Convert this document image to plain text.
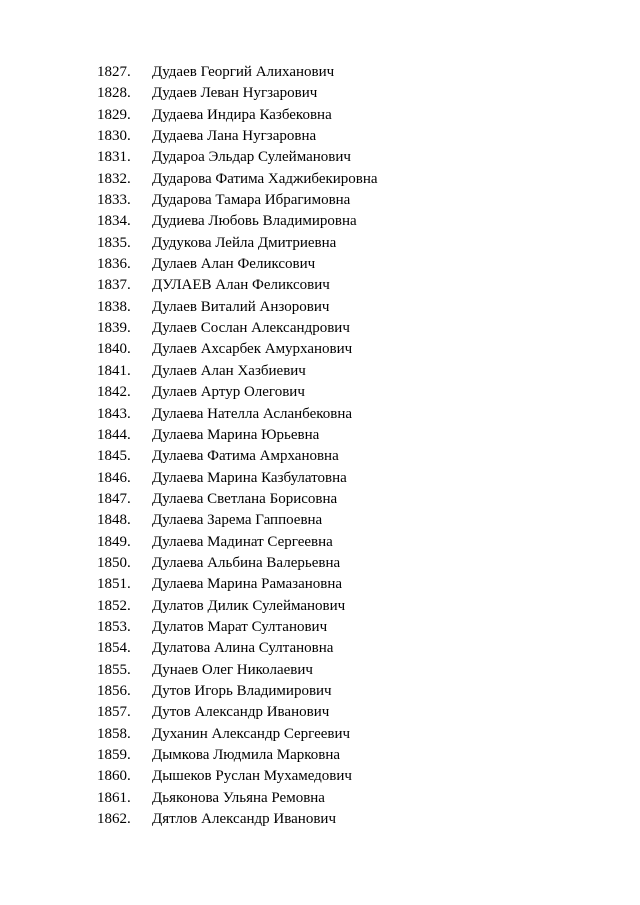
1827. Дудаев Георгий Алиханович
1828. Дудаев Леван Нугзарович
1829. Дудаева Индира Казбековна
1830. Дудаева Лана Нугзаровна
1831. Дудароа Эльдар Сулейманович
1832. Дударова Фатима Хаджибекировна
1833. Дударова Тамара Ибрагимовна
1834. Дудиева Любовь Владимировна
1835. Дудукова Лейла Дмитриевна
1836. Дулаев Алан Феликсович
1837. ДУЛАЕВ Алан Феликсович
1838. Дулаев Виталий Анзорович
1839. Дулаев Сослан Александрович
1840. Дулаев Ахсарбек Амурханович
1841. Дулаев Алан Хазбиевич
1842. Дулаев Артур Олегович
1843. Дулаева Нателла Асланбековна
1844. Дулаева Марина Юрьевна
1845. Дулаева Фатима Амрхановна
1846. Дулаева Марина Казбулатовна
1847. Дулаева Светлана Борисовна
1848. Дулаева Зарема Гаппоевна
1849. Дулаева Мадинат Сергеевна
1850. Дулаева Альбина Валерьевна
1851. Дулаева Марина Рамазановна
1852. Дулатов Дилик Сулейманович
1853. Дулатов Марат Султанович
1854. Дулатова Алина Султановна
1855. Дунаев Олег Николаевич
1856. Дутов Игорь Владимирович
1857. Дутов Александр Иванович
1858. Духанин Александр Сергеевич
1859. Дымкова Людмила Марковна
1860. Дышеков Руслан Мухамедович
1861. Дьяконова Ульяна Ремовна
1862. Дятлов Александр Иванович
